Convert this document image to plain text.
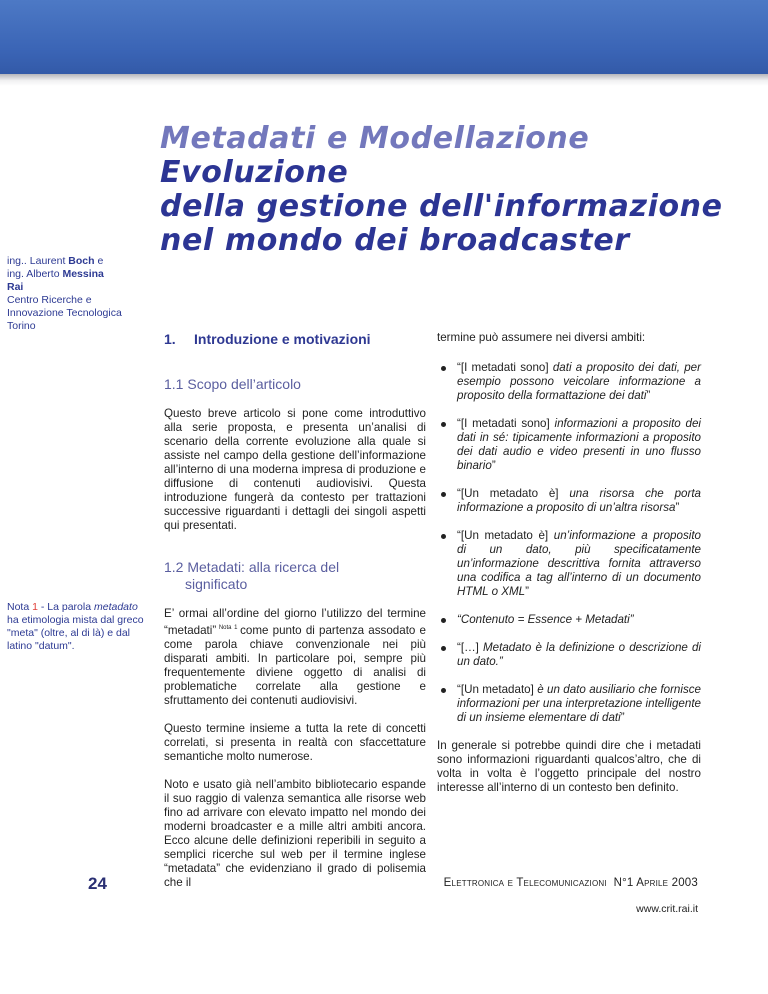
Metadati e Modellazione
Evoluzione
della gestione dell'informazione
nel mondo dei broadcaster
ing.. Laurent Boch e
ing. Alberto Messina
Rai
Centro Ricerche e
Innovazione Tecnologica
Torino
Nota 1 - La parola metadato ha etimologia mista dal greco "meta" (oltre, al di là) e dal latino "datum".
24
1.	Introduzione e motivazioni
1.1 Scopo dell’articolo

Questo breve articolo si pone come introduttivo alla serie proposta, e presenta un’analisi di scenario della corrente evoluzione alla quale si assiste nel campo della gestione dell’informazione all’interno di una moderna impresa di produzione e diffusione di contenuti audiovisivi. Questa introduzione fungerà da contesto per trattazioni successive riguardanti i dettagli dei singoli aspetti qui presentati.

1.2 Metadati: alla ricerca del
significato

E’ ormai all’ordine del giorno l’utilizzo del termine “metadati” $^{Nota 1}$ come punto di partenza assodato e come parola chiave convenzionale nei più disparati ambiti. In particolare poi, sempre più frequentemente diviene oggetto di analisi di problematiche correlate alla gestione e sfruttamento dei contenuti audiovisivi.

Questo termine insieme a tutta la rete di concetti correlati, si presenta in realtà con sfaccettature semantiche molto numerose.

Noto e usato già nell’ambito bibliotecario espande il suo raggio di valenza semantica alle risorse web fino ad arrivare con elevato impatto nel mondo dei moderni broadcaster e a mille altri ambiti ancora. Ecco alcune delle definizioni reperibili in seguito a semplici ricerche sul web per il termine inglese “metadata” che evidenziano il grado di polisemia che il

termine può assumere nei diversi ambiti:

“[I metadati sono] dati a proposito dei dati, per esempio possono veicolare informazione a proposito della formattazione dei dati”
“[I metadati sono] informazioni a proposito dei dati in sé: tipicamente informazioni a proposito dei dati audio e video presenti in uno flusso binario”
“[Un metadato è] una risorsa che porta informazione a proposito di un’altra risorsa”
“[Un metadato è] un’informazione a proposito di un dato, più specificatamente un’informazione descrittiva fornita attraverso una codifica a tag all’interno di un documento HTML o XML”
“Contenuto = Essence + Metadati”
“[…] Metadato è la definizione o descrizione di un dato.”
“[Un metadato] è un dato ausiliario che fornisce informazioni per una interpretazione intelligente di un insieme elementare di dati”

In generale si potrebbe quindi dire che i metadati sono informazioni riguardanti qualcos’altro, che di volta in volta è l’oggetto principale del nostro interesse all’interno di un contesto ben definito.

Elettronica e Telecomunicazioni N°1 Aprile 2003
www.crit.rai.it
